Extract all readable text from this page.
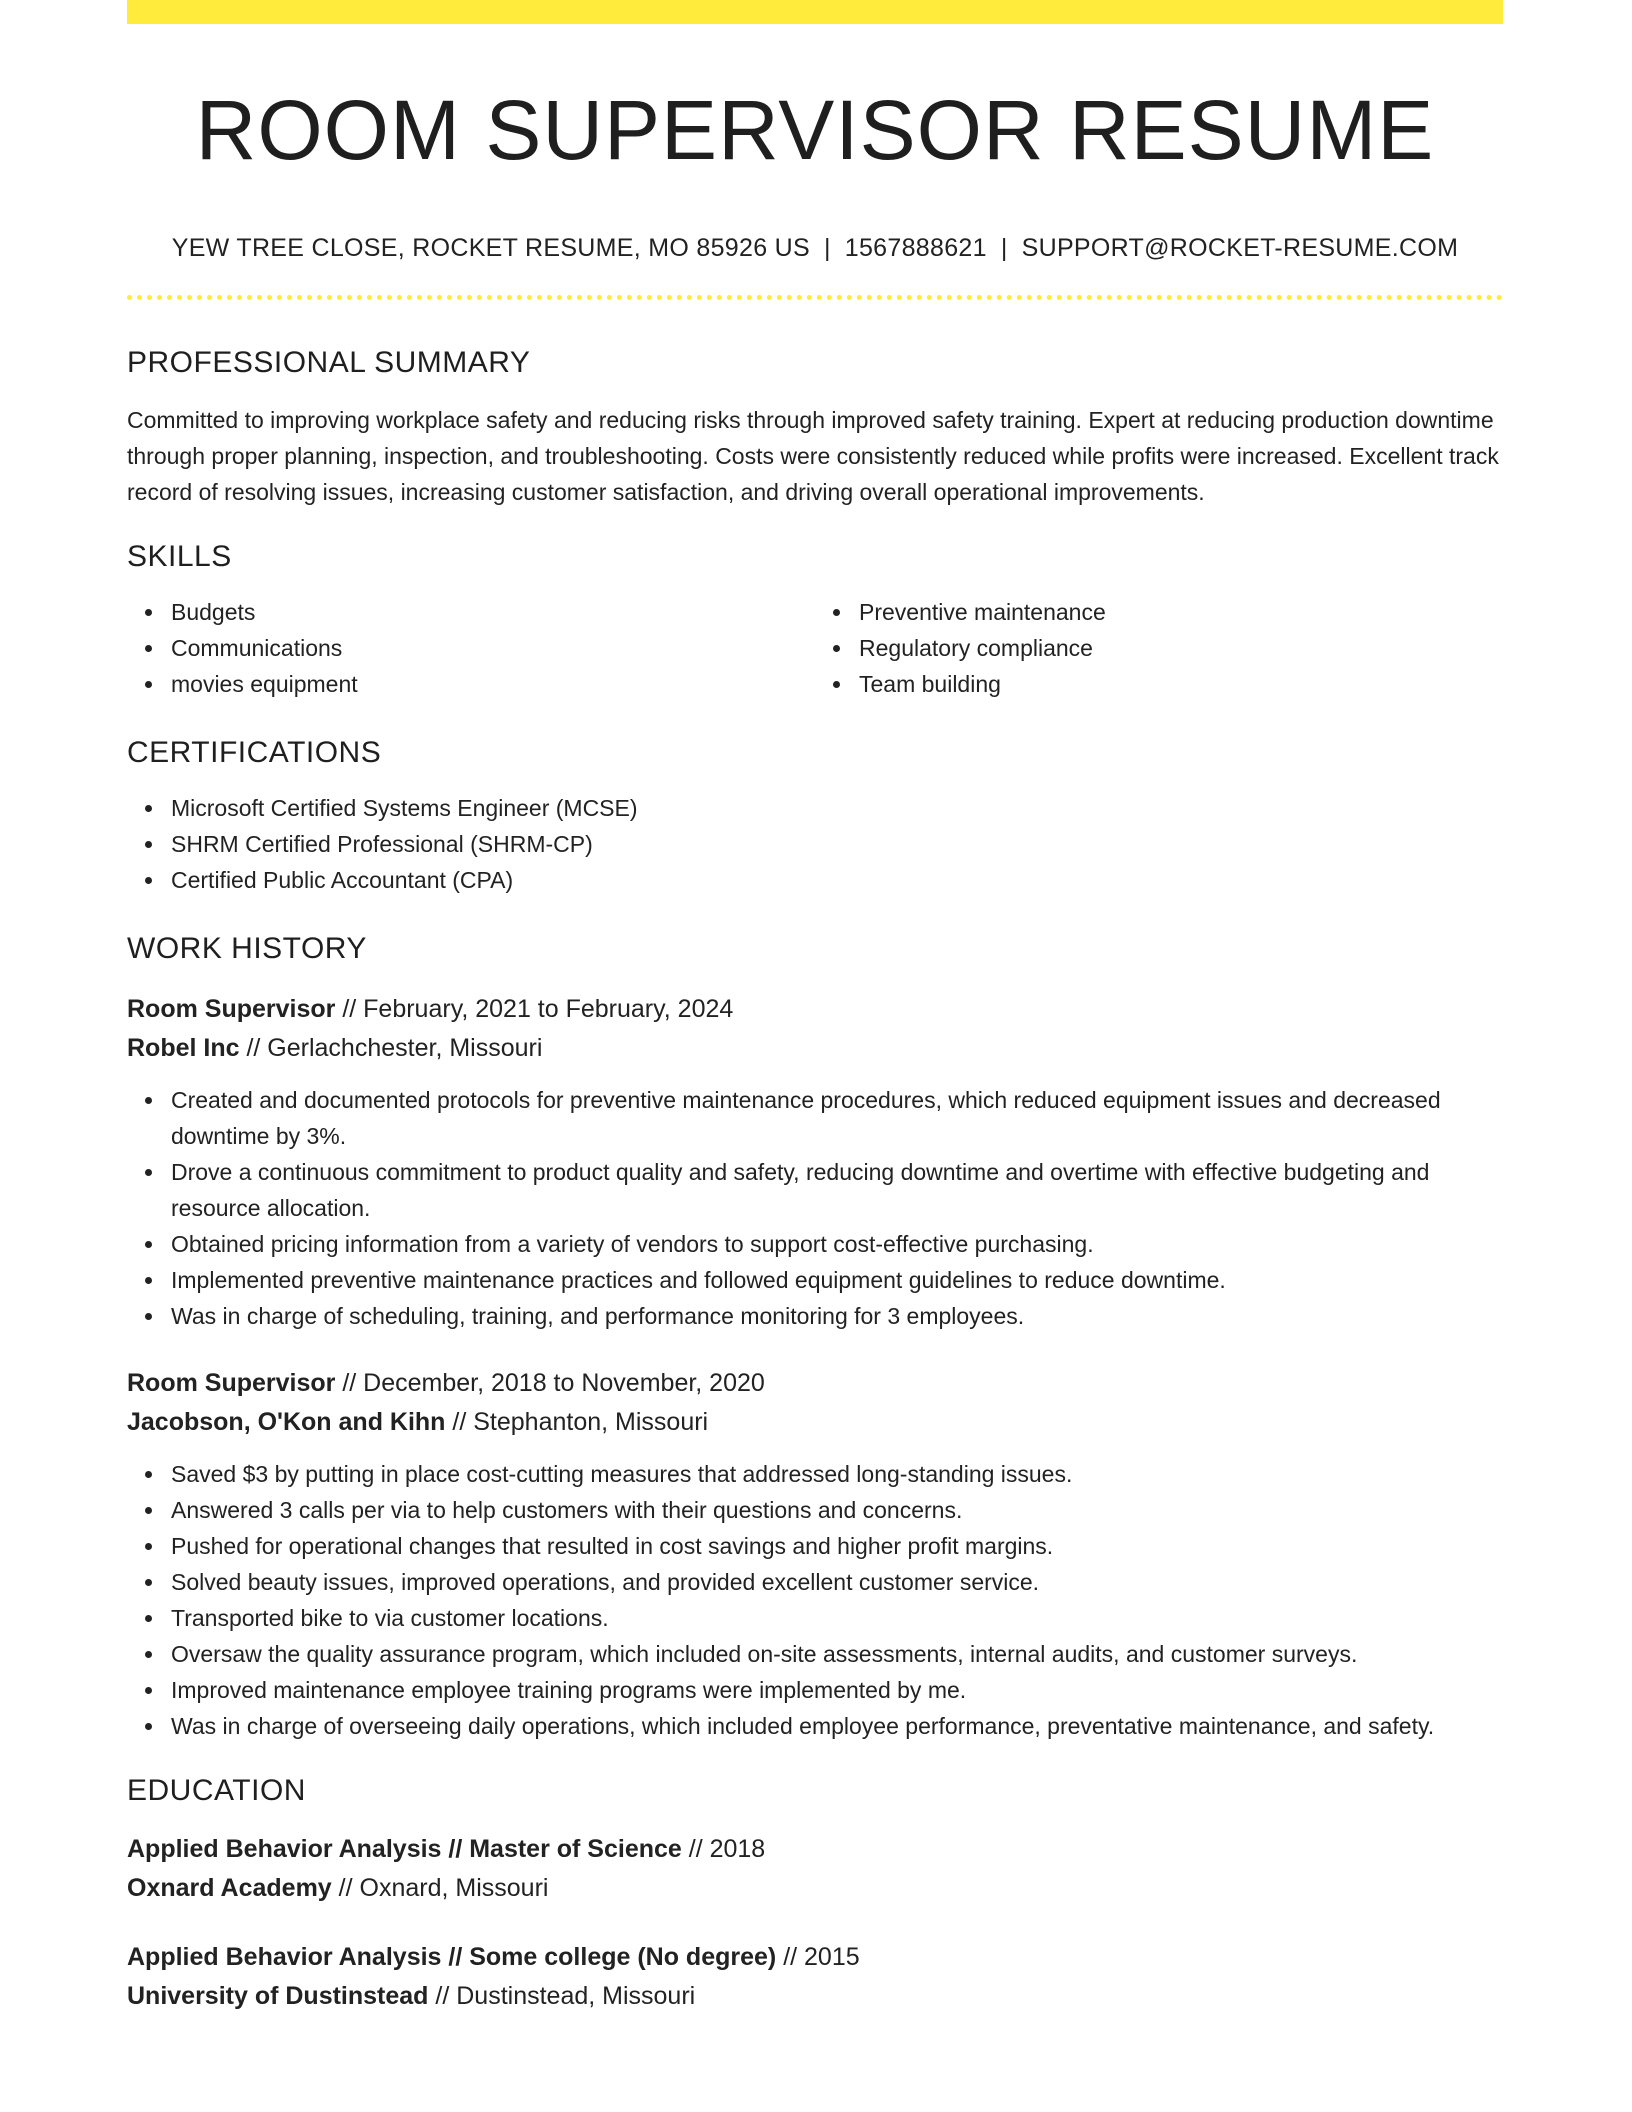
ROOM SUPERVISOR RESUME
YEW TREE CLOSE, ROCKET RESUME, MO 85926 US | 1567888621 | SUPPORT@ROCKET-RESUME.COM
PROFESSIONAL SUMMARY

Committed to improving workplace safety and reducing risks through improved safety training. Expert at reducing production downtime through proper planning, inspection, and troubleshooting. Costs were consistently reduced while profits were increased. Excellent track record of resolving issues, increasing customer satisfaction, and driving overall operational improvements.

SKILLS
Budgets
Communications
movies equipment
Preventive maintenance
Regulatory compliance
Team building
CERTIFICATIONS
Microsoft Certified Systems Engineer (MCSE)
SHRM Certified Professional (SHRM-CP)
Certified Public Accountant (CPA)
WORK HISTORY
Room Supervisor // February, 2021 to February, 2024
Robel Inc // Gerlachchester, Missouri
Created and documented protocols for preventive maintenance procedures, which reduced equipment issues and decreased downtime by 3%.
Drove a continuous commitment to product quality and safety, reducing downtime and overtime with effective budgeting and resource allocation.
Obtained pricing information from a variety of vendors to support cost-effective purchasing.
Implemented preventive maintenance practices and followed equipment guidelines to reduce downtime.
Was in charge of scheduling, training, and performance monitoring for 3 employees.
Room Supervisor // December, 2018 to November, 2020
Jacobson, O'Kon and Kihn // Stephanton, Missouri
Saved $3 by putting in place cost-cutting measures that addressed long-standing issues.
Answered 3 calls per via to help customers with their questions and concerns.
Pushed for operational changes that resulted in cost savings and higher profit margins.
Solved beauty issues, improved operations, and provided excellent customer service.
Transported bike to via customer locations.
Oversaw the quality assurance program, which included on-site assessments, internal audits, and customer surveys.
Improved maintenance employee training programs were implemented by me.
Was in charge of overseeing daily operations, which included employee performance, preventative maintenance, and safety.
EDUCATION
Applied Behavior Analysis // Master of Science // 2018
Oxnard Academy // Oxnard, Missouri
Applied Behavior Analysis // Some college (No degree) // 2015
University of Dustinstead // Dustinstead, Missouri
